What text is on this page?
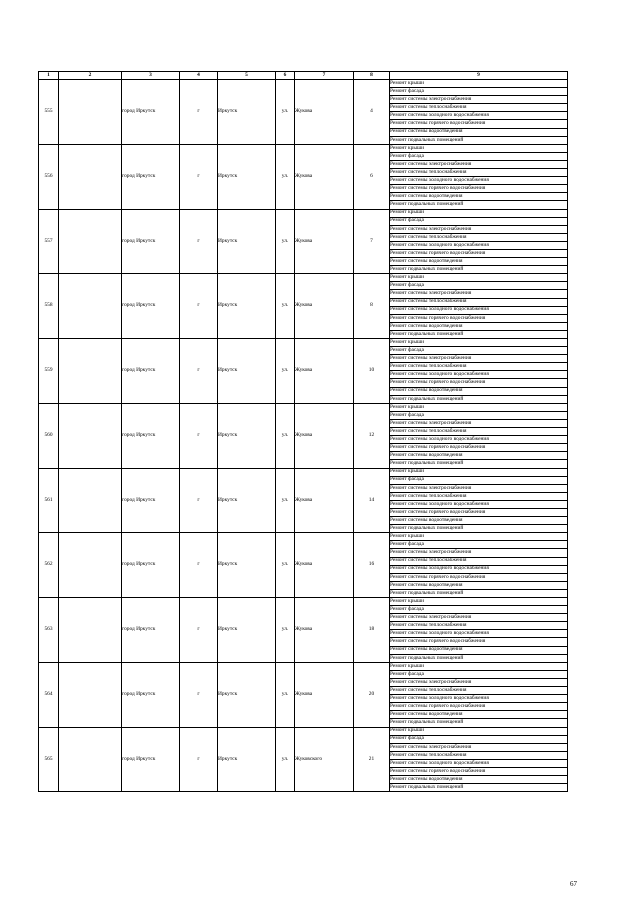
1	2	3	4	5	6	7	8	9
555		город Иркутск	г	Иркутск	ул.	Жукова	4	Ремонт крыши
								Ремонт фасада
								Ремонт системы электроснабжения
								Ремонт системы теплоснабжения
								Ремонт системы холодного водоснабжения
								Ремонт системы горячего водоснабжения
								Ремонт системы водоотведения
								Ремонт подвальных помещений
556		город Иркутск	г	Иркутск	ул.	Жукова	6	Ремонт крыши
								Ремонт фасада
								Ремонт системы электроснабжения
								Ремонт системы теплоснабжения
								Ремонт системы холодного водоснабжения
								Ремонт системы горячего водоснабжения
								Ремонт системы водоотведения
								Ремонт подвальных помещений
557		город Иркутск	г	Иркутск	ул.	Жукова	7	Ремонт крыши
								Ремонт фасада
								Ремонт системы электроснабжения
								Ремонт системы теплоснабжения
								Ремонт системы холодного водоснабжения
								Ремонт системы горячего водоснабжения
								Ремонт системы водоотведения
								Ремонт подвальных помещений
558		город Иркутск	г	Иркутск	ул.	Жукова	8	Ремонт крыши
								Ремонт фасада
								Ремонт системы электроснабжения
								Ремонт системы теплоснабжения
								Ремонт системы холодного водоснабжения
								Ремонт системы горячего водоснабжения
								Ремонт системы водоотведения
								Ремонт подвальных помещений
559		город Иркутск	г	Иркутск	ул.	Жукова	10	Ремонт крыши
								Ремонт фасада
								Ремонт системы электроснабжения
								Ремонт системы теплоснабжения
								Ремонт системы холодного водоснабжения
								Ремонт системы горячего водоснабжения
								Ремонт системы водоотведения
								Ремонт подвальных помещений
560		город Иркутск	г	Иркутск	ул.	Жукова	12	Ремонт крыши
								Ремонт фасада
								Ремонт системы электроснабжения
								Ремонт системы теплоснабжения
								Ремонт системы холодного водоснабжения
								Ремонт системы горячего водоснабжения
								Ремонт системы водоотведения
								Ремонт подвальных помещений
561		город Иркутск	г	Иркутск	ул.	Жукова	14	Ремонт крыши
								Ремонт фасада
								Ремонт системы электроснабжения
								Ремонт системы теплоснабжения
								Ремонт системы холодного водоснабжения
								Ремонт системы горячего водоснабжения
								Ремонт системы водоотведения
								Ремонт подвальных помещений
562		город Иркутск	г	Иркутск	ул.	Жукова	16	Ремонт крыши
								Ремонт фасада
								Ремонт системы электроснабжения
								Ремонт системы теплоснабжения
								Ремонт системы холодного водоснабжения
								Ремонт системы горячего водоснабжения
								Ремонт системы водоотведения
								Ремонт подвальных помещений
563		город Иркутск	г	Иркутск	ул.	Жукова	18	Ремонт крыши
								Ремонт фасада
								Ремонт системы электроснабжения
								Ремонт системы теплоснабжения
								Ремонт системы холодного водоснабжения
								Ремонт системы горячего водоснабжения
								Ремонт системы водоотведения
								Ремонт подвальных помещений
564		город Иркутск	г	Иркутск	ул.	Жукова	20	Ремонт крыши
								Ремонт фасада
								Ремонт системы электроснабжения
								Ремонт системы теплоснабжения
								Ремонт системы холодного водоснабжения
								Ремонт системы горячего водоснабжения
								Ремонт системы водоотведения
								Ремонт подвальных помещений
565		город Иркутск	г	Иркутск	ул.	Жуковского	21	Ремонт крыши
								Ремонт фасада
								Ремонт системы электроснабжения
								Ремонт системы теплоснабжения
								Ремонт системы холодного водоснабжения
								Ремонт системы горячего водоснабжения
								Ремонт системы водоотведения
								Ремонт подвальных помещений
67
